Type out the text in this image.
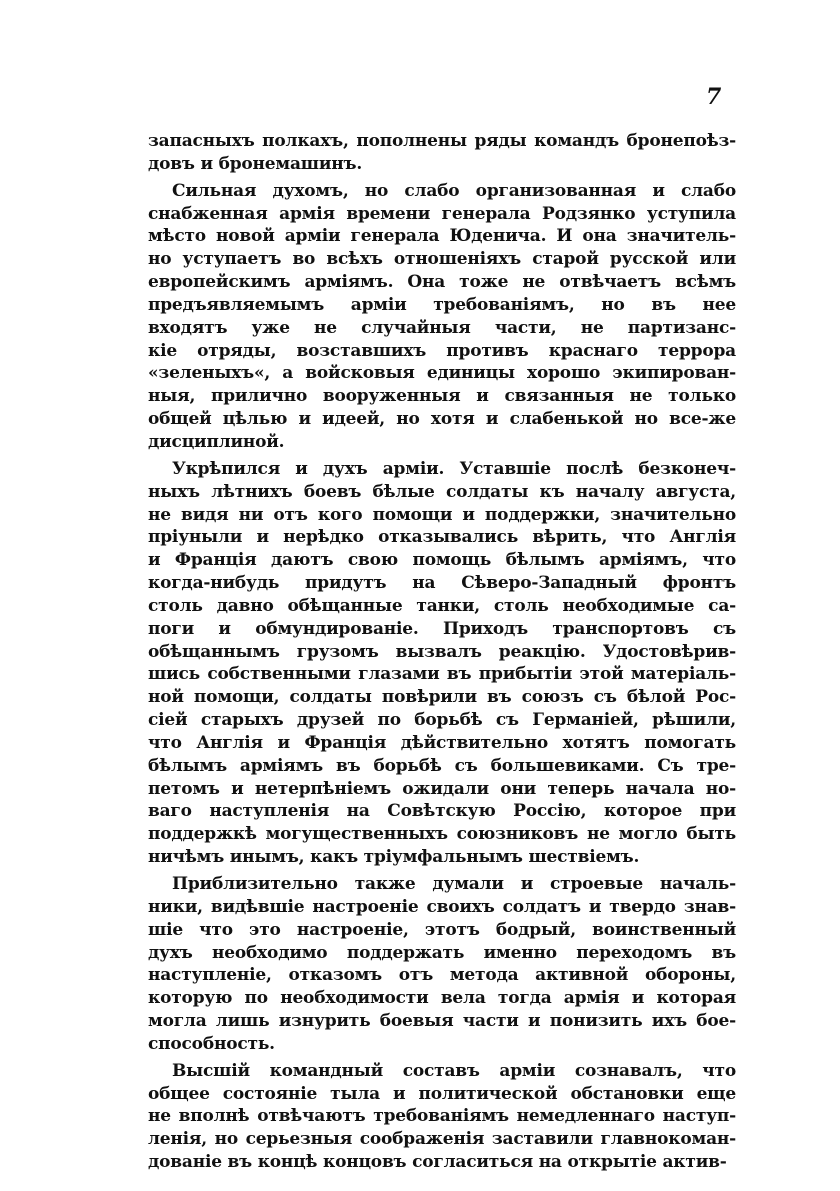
7
запасныхъ полкахъ, пополнены ряды командъ бронепоѣз-
довъ и бронемашинъ.
Сильная духомъ, но слабо организованная и слабо
снабженная армія времени генерала Родзянко уступила
мѣсто новой арміи генерала Юденича. И она значитель-
но уступаетъ во всѣхъ отношеніяхъ старой русской или
европейскимъ арміямъ. Она тоже не отвѣчаетъ всѣмъ
предъявляемымъ арміи требованіямъ, но въ нее
входятъ уже не случайныя части, не партизанс-
кіе отряды, возставшихъ противъ краснаго террора
«зеленыхъ«, а войсковыя единицы хорошо экипирован-
ныя, прилично вооруженныя и связанныя не только
общей цѣлью и идеей, но хотя и слабенькой но все-же
дисциплиной.
Укрѣпился и духъ арміи. Уставшіе послѣ безконеч-
ныхъ лѣтнихъ боевъ бѣлые солдаты къ началу августа,
не видя ни отъ кого помощи и поддержки, значительно
пріуныли и нерѣдко отказывались вѣрить, что Англія
и Франція даютъ свою помощь бѣлымъ арміямъ, что
когда-нибудь придутъ на Сѣверо-Западный фронтъ
столь давно обѣщанные танки, столь необходимые са-
поги и обмундированіе. Приходъ транспортовъ съ
обѣщаннымъ грузомъ вызвалъ реакцію. Удостовѣрив-
шись собственными глазами въ прибытіи этой матеріаль-
ной помощи, солдаты повѣрили въ союзъ съ бѣлой Рос-
сіей старыхъ друзей по борьбѣ съ Германіей, рѣшили,
что Англія и Франція дѣйствительно хотятъ помогать
бѣлымъ арміямъ въ борьбѣ съ большевиками. Съ тре-
петомъ и нетерпѣніемъ ожидали они теперь начала но-
ваго наступленія на Совѣтскую Россію, которое при
поддержкѣ могущественныхъ союзниковъ не могло быть
ничѣмъ инымъ, какъ тріумфальнымъ шествіемъ.
Приблизительно также думали и строевые началь-
ники, видѣвшіе настроеніе своихъ солдатъ и твердо знав-
шіе что это настроеніе, этотъ бодрый, воинственный
духъ необходимо поддержать именно переходомъ въ
наступленіе, отказомъ отъ метода активной обороны,
которую по необходимости вела тогда армія и которая
могла лишь изнурить боевыя части и понизить ихъ бое-
способность.
Высшій командный составъ арміи сознавалъ, что
общее состояніе тыла и политической обстановки еще
не вполнѣ отвѣчаютъ требованіямъ немедленнаго наступ-
ленія, но серьезныя соображенія заставили главнокоман-
дованіе въ концѣ концовъ согласиться на открытіе актив-
